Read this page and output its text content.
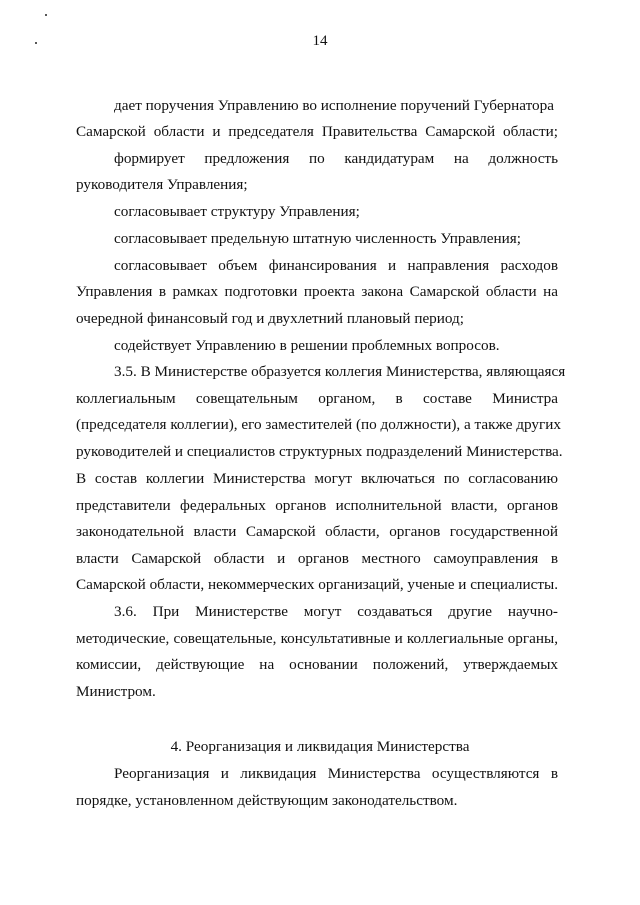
14
дает поручения Управлению во исполнение поручений Губернатора
Самарской области и председателя Правительства Самарской области;
формирует предложения по кандидатурам на должность
руководителя Управления;
согласовывает структуру Управления;
согласовывает предельную штатную численность Управления;
согласовывает объем финансирования и направления расходов
Управления в рамках подготовки проекта закона Самарской области на
очередной финансовый год и двухлетний плановый период;
содействует Управлению в решении проблемных вопросов.
3.5. В Министерстве образуется коллегия Министерства, являющаяся
коллегиальным совещательным органом, в составе Министра
(председателя коллегии), его заместителей (по должности), а также других
руководителей и специалистов структурных подразделений Министерства.
В состав коллегии Министерства могут включаться по согласованию
представители федеральных органов исполнительной власти, органов
законодательной власти Самарской области, органов государственной
власти Самарской области и органов местного самоуправления в
Самарской области, некоммерческих организаций, ученые и специалисты.
3.6. При Министерстве могут создаваться другие научно-
методические, совещательные, консультативные и коллегиальные органы,
комиссии, действующие на основании положений, утверждаемых
Министром.
4. Реорганизация и ликвидация Министерства
Реорганизация и ликвидация Министерства осуществляются в
порядке, установленном действующим законодательством.
